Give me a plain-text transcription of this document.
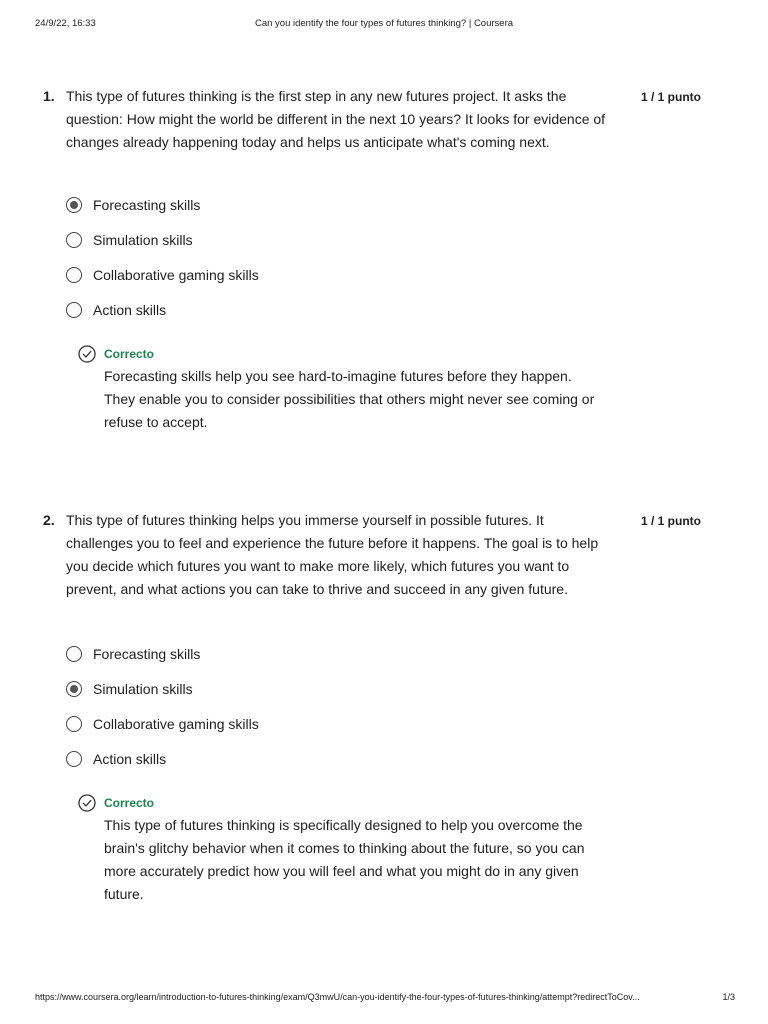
24/9/22, 16:33	Can you identify the four types of futures thinking? | Coursera
1. This type of futures thinking is the first step in any new futures project. It asks the question: How might the world be different in the next 10 years? It looks for evidence of changes already happening today and helps us anticipate what's coming next.
1 / 1 punto
Forecasting skills
Simulation skills
Collaborative gaming skills
Action skills
Correcto
Forecasting skills help you see hard-to-imagine futures before they happen. They enable you to consider possibilities that others might never see coming or refuse to accept.
2. This type of futures thinking helps you immerse yourself in possible futures. It challenges you to feel and experience the future before it happens. The goal is to help you decide which futures you want to make more likely, which futures you want to prevent, and what actions you can take to thrive and succeed in any given future.
1 / 1 punto
Forecasting skills
Simulation skills
Collaborative gaming skills
Action skills
Correcto
This type of futures thinking is specifically designed to help you overcome the brain's glitchy behavior when it comes to thinking about the future, so you can more accurately predict how you will feel and what you might do in any given future.
https://www.coursera.org/learn/introduction-to-futures-thinking/exam/Q3mwU/can-you-identify-the-four-types-of-futures-thinking/attempt?redirectToCov...	1/3
